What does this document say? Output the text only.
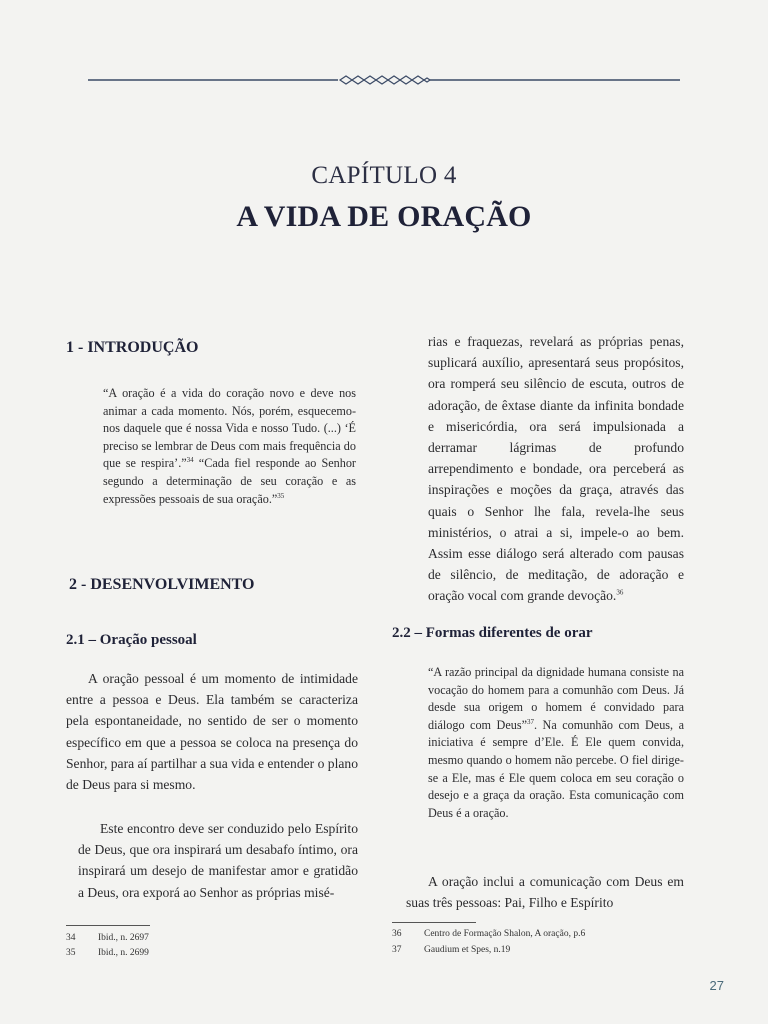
CAPÍTULO 4
A VIDA DE ORAÇÃO
1 - INTRODUÇÃO
“A oração é a vida do coração novo e deve nos animar a cada momento. Nós, porém, esquecemo-nos daquele que é nossa Vida e nosso Tudo. (...) ‘É preciso se lembrar de Deus com mais frequência do que se respira’.”$^{34}$ “Cada fiel responde ao Senhor segundo a determinação de seu coração e as expressões pessoais de sua oração.”$^{35}$
2 - DESENVOLVIMENTO
2.1 – Oração pessoal
A oração pessoal é um momento de intimidade entre a pessoa e Deus. Ela também se caracteriza pela espontaneidade, no sentido de ser o momento específico em que a pessoa se coloca na presença do Senhor, para aí partilhar a sua vida e entender o plano de Deus para si mesmo.
Este encontro deve ser conduzido pelo Espírito de Deus, que ora inspirará um desabafo íntimo, ora inspirará um desejo de manifestar amor e gratidão a Deus, ora exporá ao Senhor as próprias misé-
34 Ibid., n. 2697
35 Ibid., n. 2699
rias e fraquezas, revelará as próprias penas, suplicará auxílio, apresentará seus propósitos, ora romperá seu silêncio de escuta, outros de adoração, de êxtase diante da infinita bondade e misericórdia, ora será impulsionada a derramar lágrimas de profundo arrependimento e bondade, ora perceberá as inspirações e moções da graça, através das quais o Senhor lhe fala, revela-lhe seus ministérios, o atrai a si, impele-o ao bem. Assim esse diálogo será alterado com pausas de silêncio, de meditação, de adoração e oração vocal com grande devoção.$^{36}$
2.2 – Formas diferentes de orar
“A razão principal da dignidade humana consiste na vocação do homem para a comunhão com Deus. Já desde sua origem o homem é convidado para diálogo com Deus”$^{37}$. Na comunhão com Deus, a iniciativa é sempre d’Ele. É Ele quem convida, mesmo quando o homem não percebe. O fiel dirige-se a Ele, mas é Ele quem coloca em seu coração o desejo e a graça da oração. Esta comunicação com Deus é a oração.
A oração inclui a comunicação com Deus em suas três pessoas: Pai, Filho e Espírito
36 Centro de Formação Shalon, A oração, p.6
37 Gaudium et Spes, n.19
27
